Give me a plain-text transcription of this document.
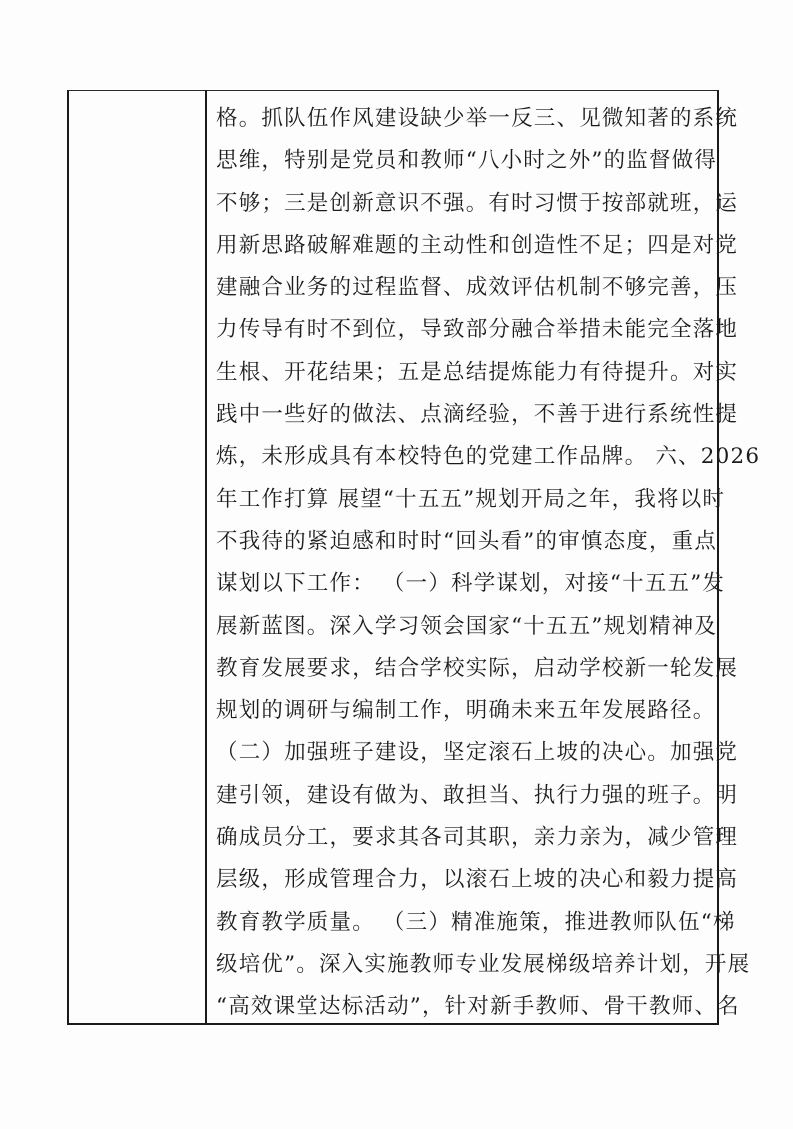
格。抓队伍作风建设缺少举一反三、见微知著的系统
思维，特别是党员和教师“八小时之外”的监督做得
不够；三是创新意识不强。有时习惯于按部就班，运
用新思路破解难题的主动性和创造性不足；四是对党
建融合业务的过程监督、成效评估机制不够完善，压
力传导有时不到位，导致部分融合举措未能完全落地
生根、开花结果；五是总结提炼能力有待提升。对实
践中一些好的做法、点滴经验，不善于进行系统性提
炼，未形成具有本校特色的党建工作品牌。 六、2026
年工作打算 展望“十五五”规划开局之年，我将以时
不我待的紧迫感和时时“回头看”的审慎态度，重点
谋划以下工作： （一）科学谋划，对接“十五五”发
展新蓝图。深入学习领会国家“十五五”规划精神及
教育发展要求，结合学校实际，启动学校新一轮发展
规划的调研与编制工作，明确未来五年发展路径。
（二）加强班子建设，坚定滚石上坡的决心。加强党
建引领，建设有做为、敢担当、执行力强的班子。明
确成员分工，要求其各司其职，亲力亲为，减少管理
层级，形成管理合力，以滚石上坡的决心和毅力提高
教育教学质量。 （三）精准施策，推进教师队伍“梯
级培优”。深入实施教师专业发展梯级培养计划，开展
“高效课堂达标活动”，针对新手教师、骨干教师、名
